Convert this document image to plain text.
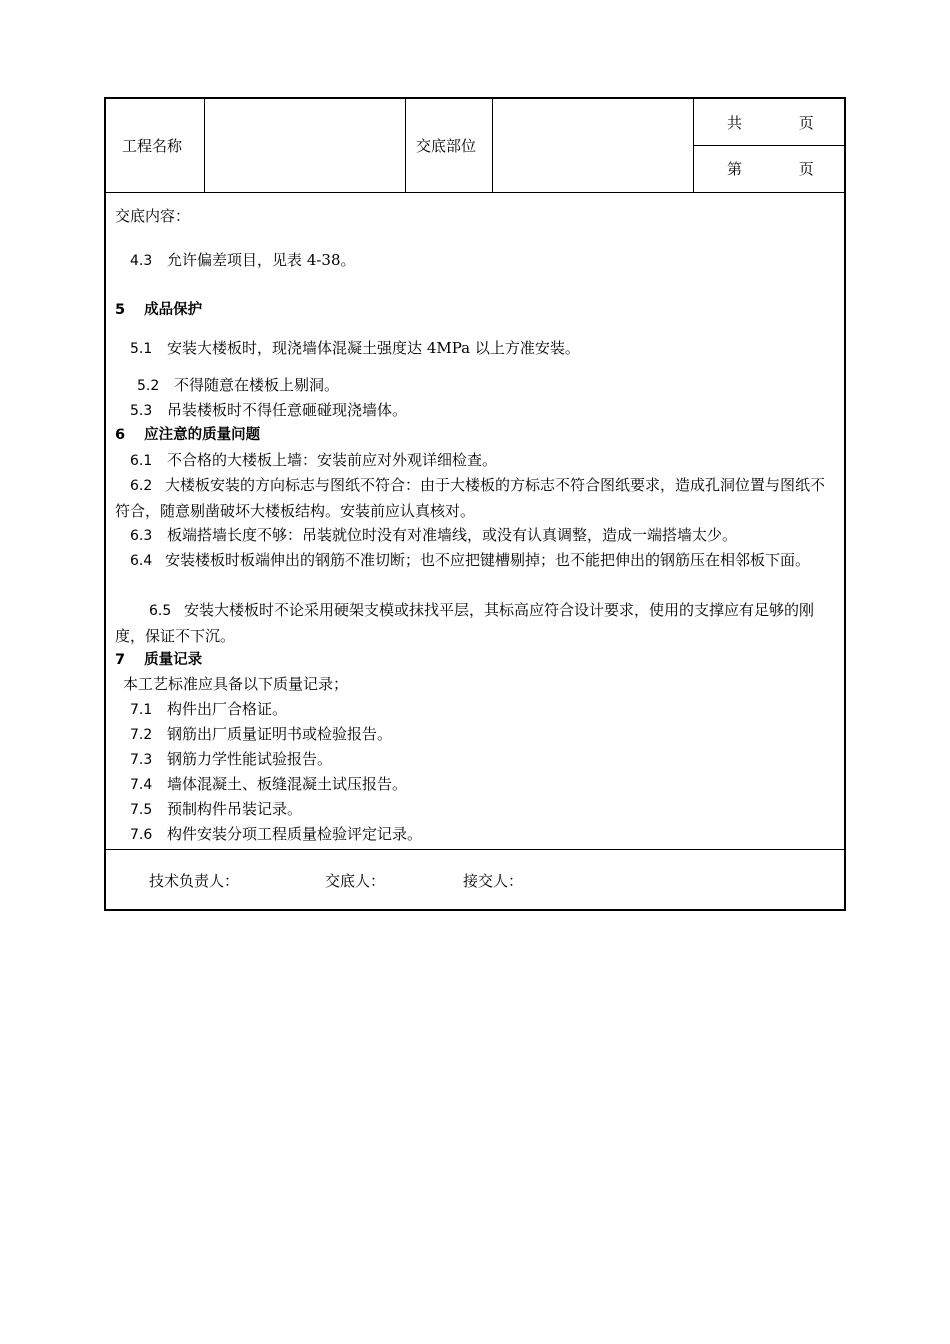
工程名称	交底部位
共	页
第	页
交底内容：
4.3 允许偏差项目，见表 4-38。
5 成品保护
5.1 安装大楼板时，现浇墙体混凝土强度达 4MPa 以上方准安装。
5.2 不得随意在楼板上剔洞。
5.3 吊装楼板时不得任意砸碰现浇墙体。
6 应注意的质量问题
6.1 不合格的大楼板上墙：安装前应对外观详细检查。
6.2 大楼板安装的方向标志与图纸不符合：由于大楼板的方标志不符合图纸要求，造成孔洞位置与图纸不符合，随意剔凿破坏大楼板结构。安装前应认真核对。
6.3 板端搭墙长度不够：吊装就位时没有对准墙线，或没有认真调整，造成一端搭墙太少。
6.4 安装楼板时板端伸出的钢筋不准切断；也不应把键槽剔掉；也不能把伸出的钢筋压在相邻板下面。
6.5 安装大楼板时不论采用硬架支模或抹找平层，其标高应符合设计要求，使用的支撑应有足够的刚度，保证不下沉。
7 质量记录
本工艺标准应具备以下质量记录；
7.1 构件出厂合格证。
7.2 钢筋出厂质量证明书或检验报告。
7.3 钢筋力学性能试验报告。
7.4 墙体混凝土、板缝混凝土试压报告。
7.5 预制构件吊装记录。
7.6 构件安装分项工程质量检验评定记录。
技术负责人：	交底人：	接交人：
